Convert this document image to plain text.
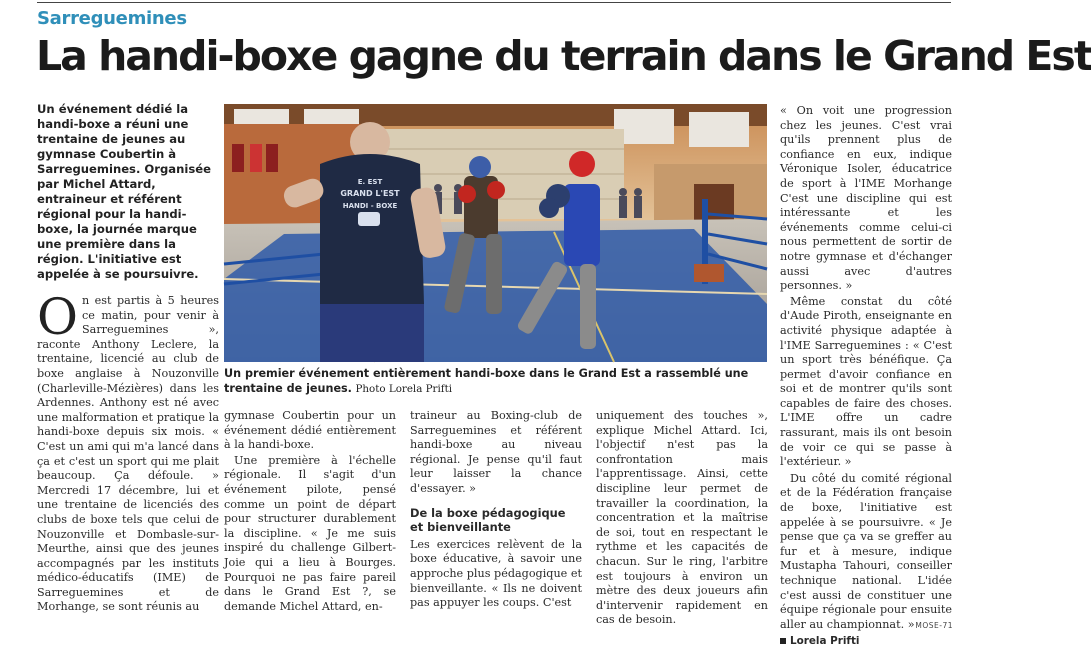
Sarreguemines
La handi-boxe gagne du terrain dans le Grand Est

Un événement dédié la handi-boxe a réuni une trentaine de jeunes au gymnase Coubertin à Sarreguemines. Organisée par Michel Attard, entraineur et référent régional pour la handi-boxe, la journée marque une première dans la région. L'initiative est appelée à se poursuivre.

On est partis à 5 heures ce matin, pour venir à Sarreguemines », raconte Anthony Leclere, la trentaine, licencié au club de boxe anglaise à Nouzonville (Charleville-Mézières) dans les Ardennes. Anthony est né avec une malformation et pratique la handi-boxe depuis six mois. « C'est un ami qui m'a lancé dans ça et c'est un sport qui me plait beaucoup. Ça défoule. » Mercredi 17 décembre, lui et une trentaine de licenciés des clubs de boxe tels que celui de Nouzonville et Dombasle-sur-Meurthe, ainsi que des jeunes accompagnés par les instituts médico-éducatifs (IME) de Sarreguemines et de Morhange, se sont réunis au

E. EST
GRAND L'EST
HANDI - BOXE
Un premier événement entièrement handi-boxe dans le Grand Est a rassemblé une trentaine de jeunes. Photo Lorela Prifti

gymnase Coubertin pour un événement dédié entièrement à la handi-boxe.

Une première à l'échelle régionale. Il s'agit d'un événement pilote, pensé comme un point de départ pour structurer durablement la discipline. « Je me suis inspiré du challenge Gilbert-Joie qui a lieu à Bourges. Pourquoi ne pas faire pareil dans le Grand Est ?, se demande Michel Attard, en-

traineur au Boxing-club de Sarreguemines et référent handi-boxe au niveau régional. Je pense qu'il faut leur laisser la chance d'essayer. »

De la boxe pédagogique et bienveillante

Les exercices relèvent de la boxe éducative, à savoir une approche plus pédagogique et bienveillante. « Ils ne doivent pas appuyer les coups. C'est

uniquement des touches », explique Michel Attard. Ici, l'objectif n'est pas la confrontation mais l'apprentissage. Ainsi, cette discipline leur permet de travailler la coordination, la concentration et la maîtrise de soi, tout en respectant le rythme et les capacités de chacun. Sur le ring, l'arbitre est toujours à environ un mètre des deux joueurs afin d'intervenir rapidement en cas de besoin.

« On voit une progression chez les jeunes. C'est vrai qu'ils prennent plus de confiance en eux, indique Véronique Isoler, éducatrice de sport à l'IME Morhange C'est une discipline qui est intéressante et les événements comme celui-ci nous permettent de sortir de notre gymnase et d'échanger aussi avec d'autres personnes. »

Même constat du côté d'Aude Piroth, enseignante en activité physique adaptée à l'IME Sarreguemines : « C'est un sport très bénéfique. Ça permet d'avoir confiance en soi et de montrer qu'ils sont capables de faire des choses. L'IME offre un cadre rassurant, mais ils ont besoin de voir ce qui se passe à l'extérieur. »

Du côté du comité régional et de la Fédération française de boxe, l'initiative est appelée à se poursuivre. « Je pense que ça va se greffer au fur et à mesure, indique Mustapha Tahouri, conseiller technique national. L'idée c'est aussi de constituer une équipe régionale pour ensuite aller au championnat. »

Lorela Prifti
MOSE-71
